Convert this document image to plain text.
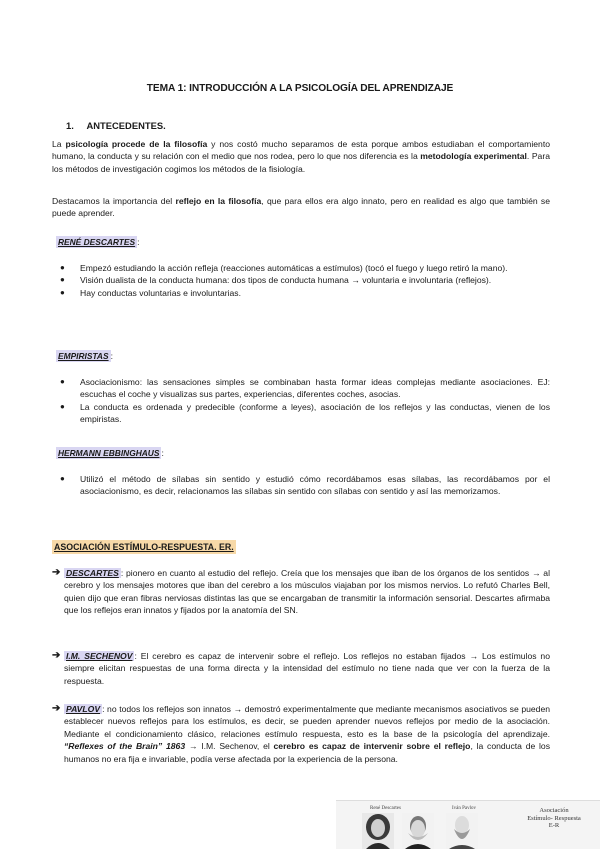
TEMA 1: INTRODUCCIÓN A LA PSICOLOGÍA DEL APRENDIZAJE
1. ANTECEDENTES.

La psicología procede de la filosofía y nos costó mucho separamos de esta porque ambos estudiaban el comportamiento humano, la conducta y su relación con el medio que nos rodea, pero lo que nos diferencia es la metodología experimental. Para los métodos de investigación cogimos los métodos de la fisiología.

Destacamos la importancia del reflejo en la filosofía, que para ellos era algo innato, pero en realidad es algo que también se puede aprender.

RENÉ DESCARTES :
● Empezó estudiando la acción refleja (reacciones automáticas a estímulos) (tocó el fuego y luego retiró la mano).
● Visión dualista de la conducta humana: dos tipos de conducta humana → voluntaria e involuntaria (reflejos).
● Hay conductas voluntarias e involuntarias.
EMPIRISTAS :
● Asociacionismo: las sensaciones simples se combinaban hasta formar ideas complejas mediante asociaciones. EJ: escuchas el coche y visualizas sus partes, experiencias, diferentes coches, asocias.
● La conducta es ordenada y predecible (conforme a leyes), asociación de los reflejos y las conductas, vienen de los empiristas.
HERMANN EBBINGHAUS :
● Utilizó el método de sílabas sin sentido y estudió cómo recordábamos esas sílabas, las recordábamos por el asociacionismo, es decir, relacionamos las sílabas sin sentido con sílabas con sentido y así las memorizamos.
ASOCIACIÓN ESTÍMULO-RESPUESTA. ER.
➔ DESCARTES : pionero en cuanto al estudio del reflejo. Creía que los mensajes que iban de los órganos de los sentidos → al cerebro y los mensajes motores que iban del cerebro a los músculos viajaban por los mismos nervios. Lo refutó Charles Bell, quien dijo que eran fibras nerviosas distintas las que se encargaban de transmitir la información sensorial. Descartes afirmaba que los reflejos eran innatos y fijados por la anatomía del SN.
➔ I.M. SECHENOV : El cerebro es capaz de intervenir sobre el reflejo. Los reflejos no estaban fijados → Los estímulos no siempre elicitan respuestas de una forma directa y la intensidad del estímulo no tiene nada que ver con la fuerza de la respuesta.
➔ PAVLOV : no todos los reflejos son innatos → demostró experimentalmente que mediante mecanismos asociativos se pueden establecer nuevos reflejos para los estímulos, es decir, se pueden aprender nuevos reflejos por medio de la asociación. Mediante el condicionamiento clásico, relaciones estímulo respuesta, esto es la base de la psicología del aprendizaje. “Reflexes of the Brain” 1863 → I.M. Sechenov, el cerebro es capaz de intervenir sobre el reflejo, la conducta de los humanos no era fija e invariable, podía verse afectada por la experiencia de la persona.
René Descartes	Iván Pavlov	Asociación
Estímulo- Respuesta
E-R
